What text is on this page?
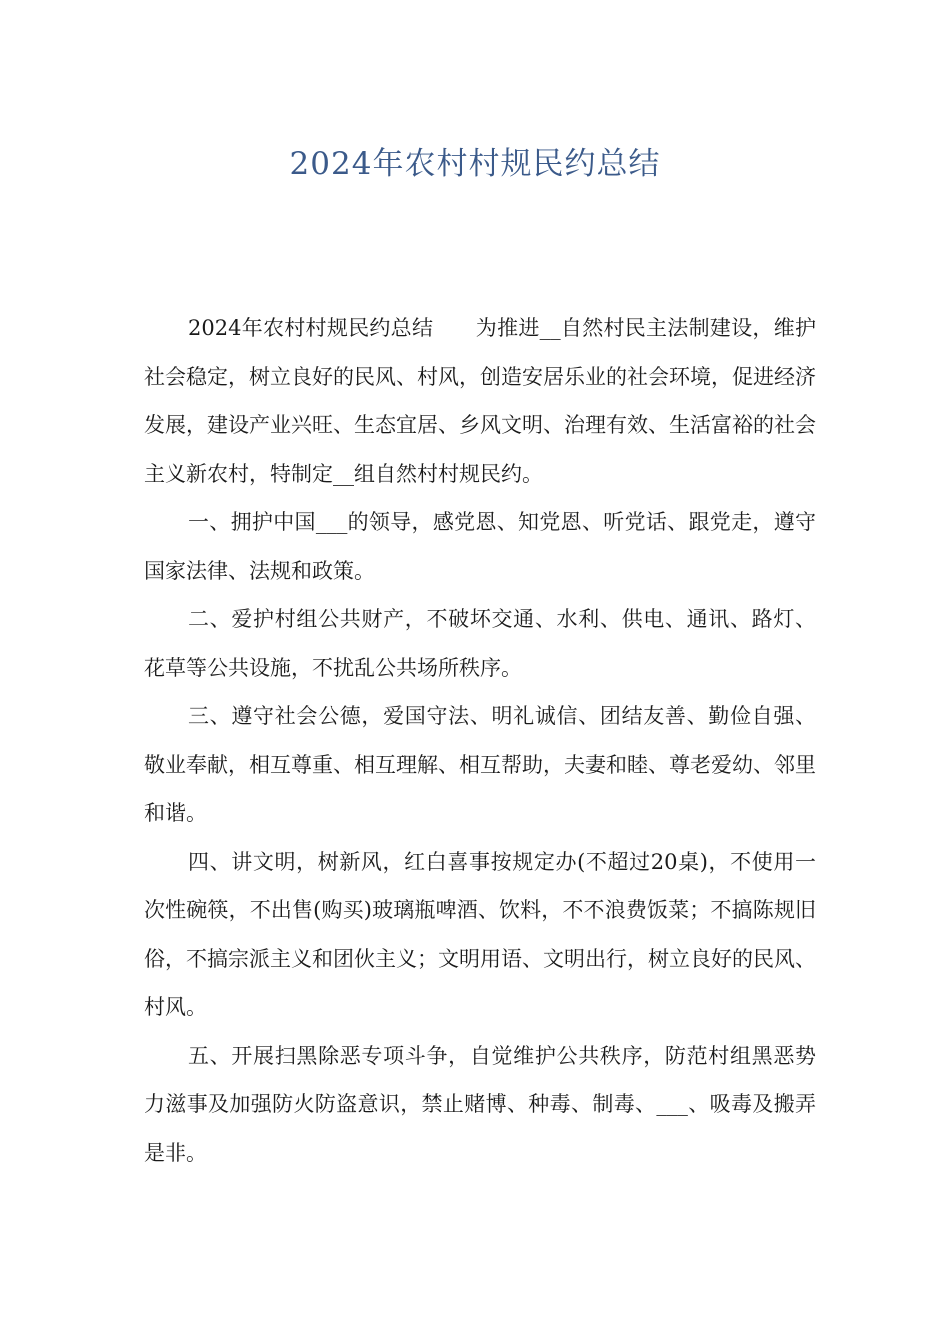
2024年农村村规民约总结

2024年农村村规民约总结　　为推进__自然村民主法制建设，维护社会稳定，树立良好的民风、村风，创造安居乐业的社会环境，促进经济发展，建设产业兴旺、生态宜居、乡风文明、治理有效、生活富裕的社会主义新农村，特制定__组自然村村规民约。

一、拥护中国___的领导，感党恩、知党恩、听党话、跟党走，遵守国家法律、法规和政策。

二、爱护村组公共财产，不破坏交通、水利、供电、通讯、路灯、花草等公共设施，不扰乱公共场所秩序。

三、遵守社会公德，爱国守法、明礼诚信、团结友善、勤俭自强、敬业奉献，相互尊重、相互理解、相互帮助，夫妻和睦、尊老爱幼、邻里和谐。

四、讲文明，树新风，红白喜事按规定办(不超过20桌)，不使用一次性碗筷，不出售(购买)玻璃瓶啤酒、饮料，不不浪费饭菜；不搞陈规旧俗，不搞宗派主义和团伙主义；文明用语、文明出行，树立良好的民风、村风。

五、开展扫黑除恶专项斗争，自觉维护公共秩序，防范村组黑恶势力滋事及加强防火防盗意识，禁止赌博、种毒、制毒、___、吸毒及搬弄是非。
